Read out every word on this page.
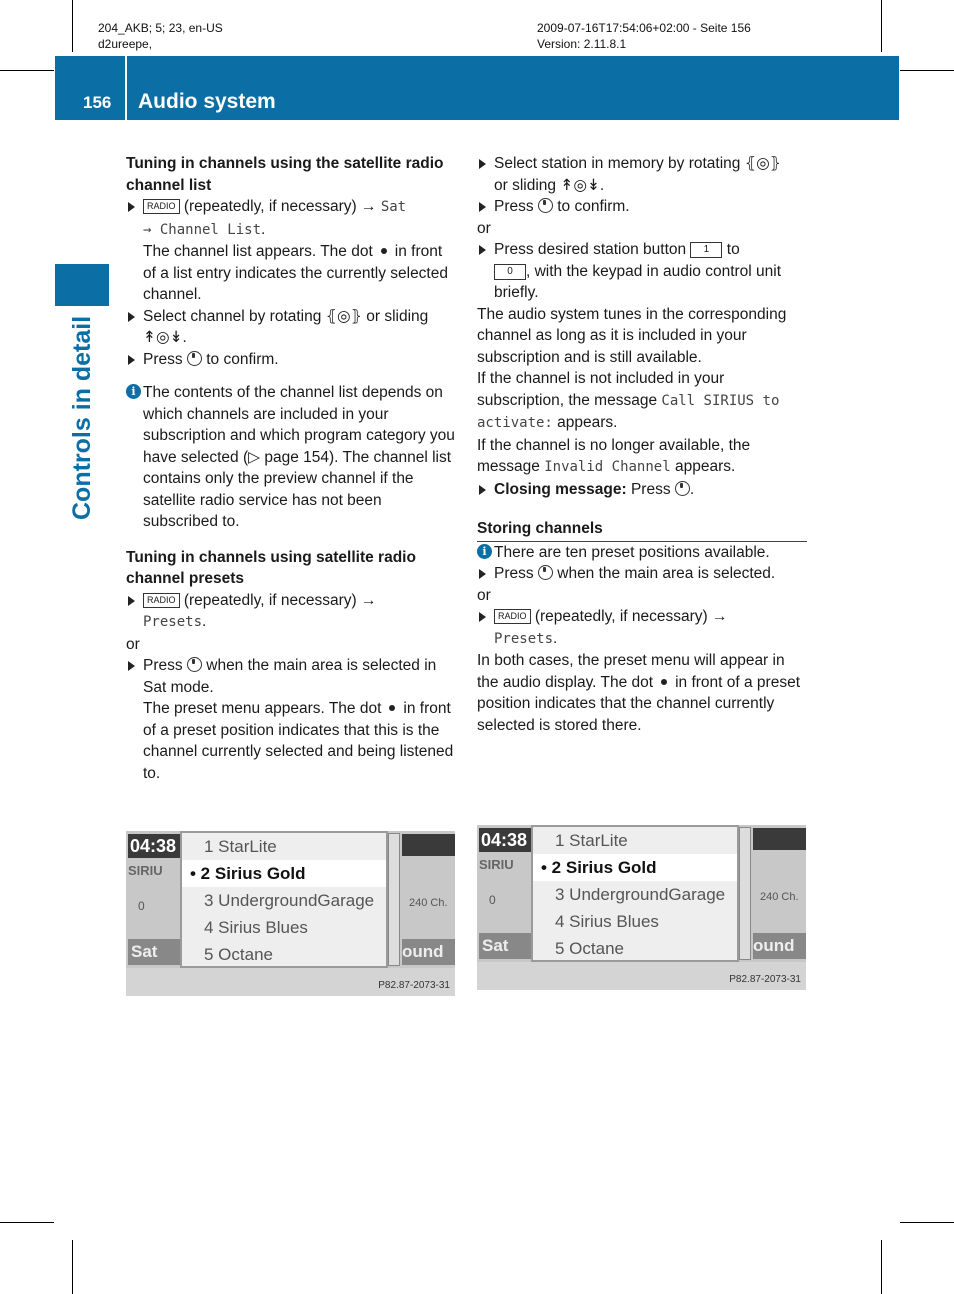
204_AKB; 5; 23, en-US
d2ureepe,
2009-07-16T17:54:06+02:00 - Seite 156
Version: 2.11.8.1
156 Audio system
Controls in detail

Tuning in channels using the satellite radio channel list

RADIO (repeatedly, if necessary) → Sat
→ Channel List.

The channel list appears. The dot in front of a list entry indicates the currently selected channel.

Select channel by rotating ⦃◎⦄ or sliding
↟◎↡.

Press to confirm.

i The contents of the channel list depends on which channels are included in your subscription and which program category you have selected (▷ page 154). The channel list contains only the preview channel if the satellite radio service has not been subscribed to.

Tuning in channels using satellite radio channel presets

RADIO (repeatedly, if necessary) →
Presets.

or

Press when the main area is selected in Sat mode.

The preset menu appears. The dot in front of a preset position indicates that this is the channel currently selected and being listened to.

Select station in memory by rotating ⦃◎⦄
or sliding ↟◎↡.

Press to confirm.

or

Press desired station button 1 to
0 , with the keypad in audio control unit briefly.

The audio system tunes in the corresponding channel as long as it is included in your subscription and is still available.

If the channel is not included in your subscription, the message Call SIRIUS to activate: appears.

If the channel is no longer available, the message Invalid Channel appears.

Closing message: Press .

Storing channels

i There are ten preset positions available.

Press when the main area is selected.

or

RADIO (repeatedly, if necessary) →
Presets.

In both cases, the preset menu will appear in the audio display. The dot in front of a preset position indicates that the channel currently selected is stored there.

04:38
SIRIU
0
Sat
1 StarLite
• 2 Sirius Gold
3 UndergroundGarage
4 Sirius Blues
5 Octane
240 Ch.
ound
P82.87-2073-31
04:38
SIRIU
0
Sat
1 StarLite
• 2 Sirius Gold
3 UndergroundGarage
4 Sirius Blues
5 Octane
240 Ch.
ound
P82.87-2073-31
